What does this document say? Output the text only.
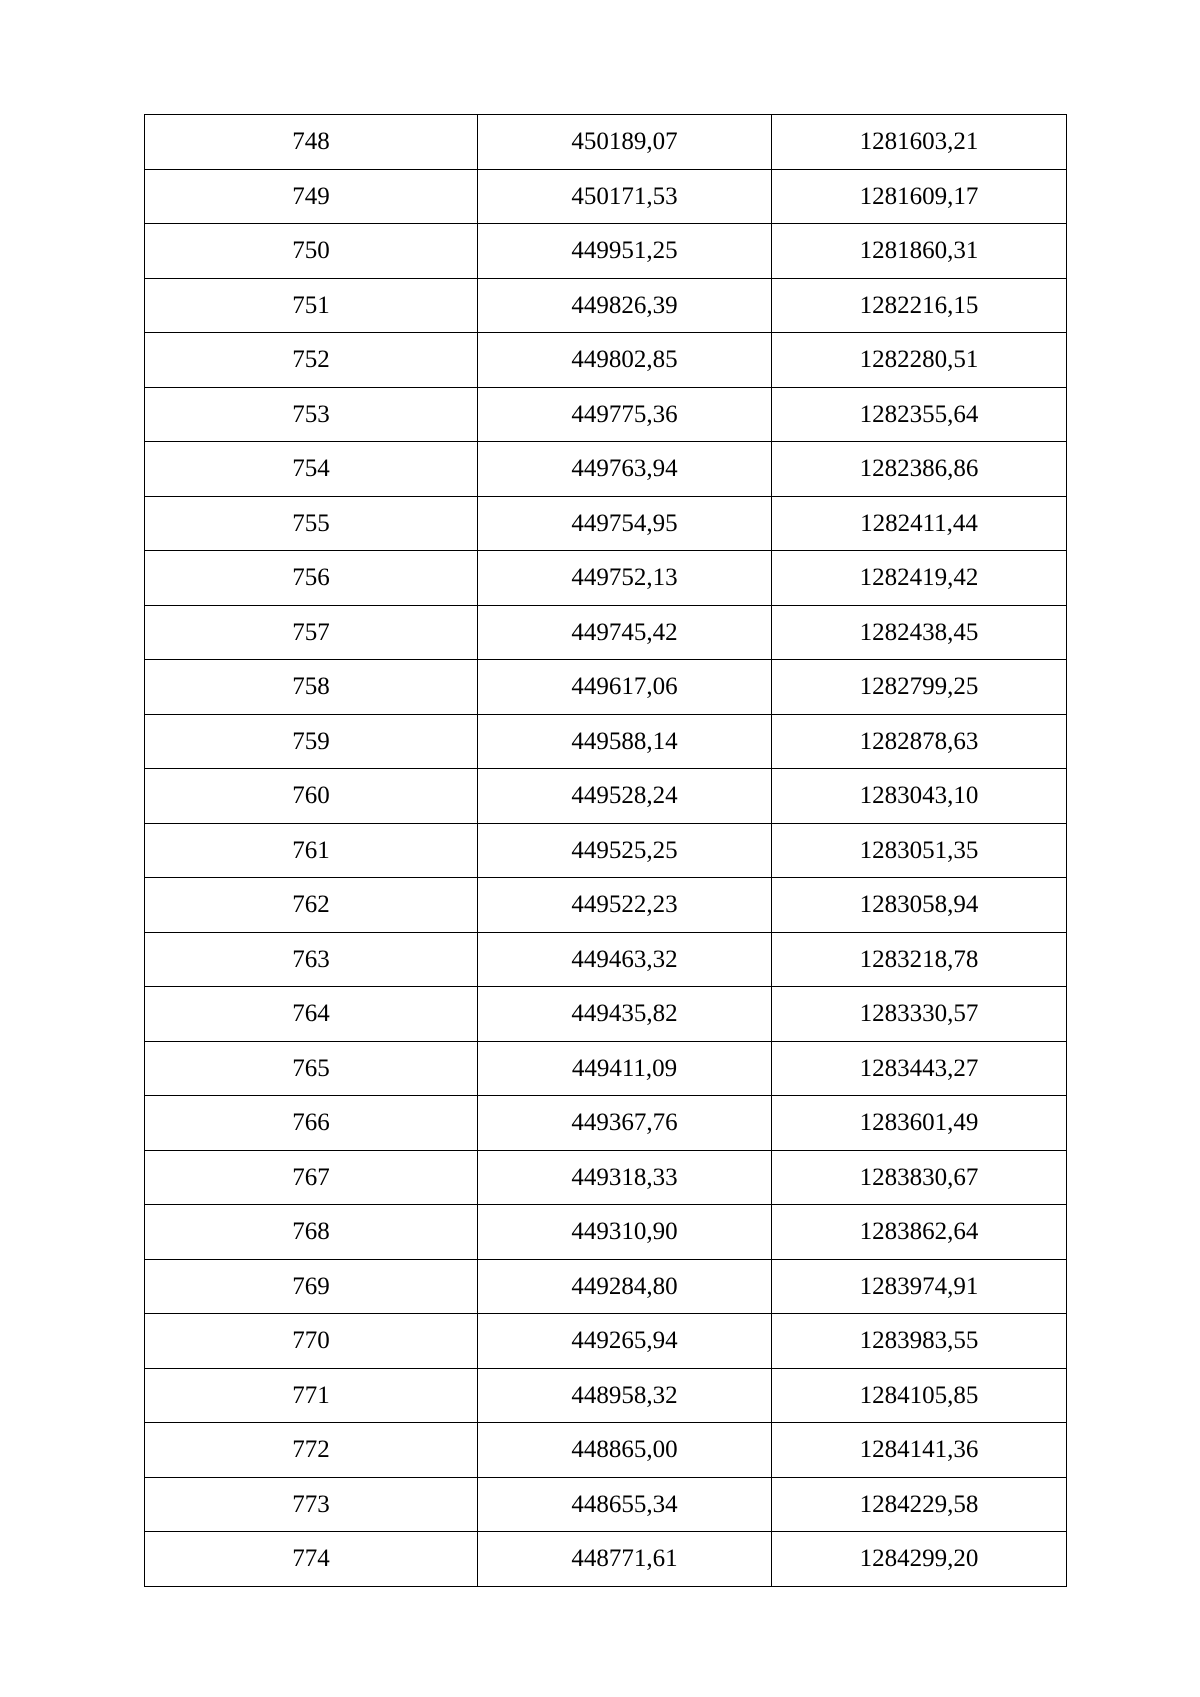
748	450189,07	1281603,21
749	450171,53	1281609,17
750	449951,25	1281860,31
751	449826,39	1282216,15
752	449802,85	1282280,51
753	449775,36	1282355,64
754	449763,94	1282386,86
755	449754,95	1282411,44
756	449752,13	1282419,42
757	449745,42	1282438,45
758	449617,06	1282799,25
759	449588,14	1282878,63
760	449528,24	1283043,10
761	449525,25	1283051,35
762	449522,23	1283058,94
763	449463,32	1283218,78
764	449435,82	1283330,57
765	449411,09	1283443,27
766	449367,76	1283601,49
767	449318,33	1283830,67
768	449310,90	1283862,64
769	449284,80	1283974,91
770	449265,94	1283983,55
771	448958,32	1284105,85
772	448865,00	1284141,36
773	448655,34	1284229,58
774	448771,61	1284299,20
